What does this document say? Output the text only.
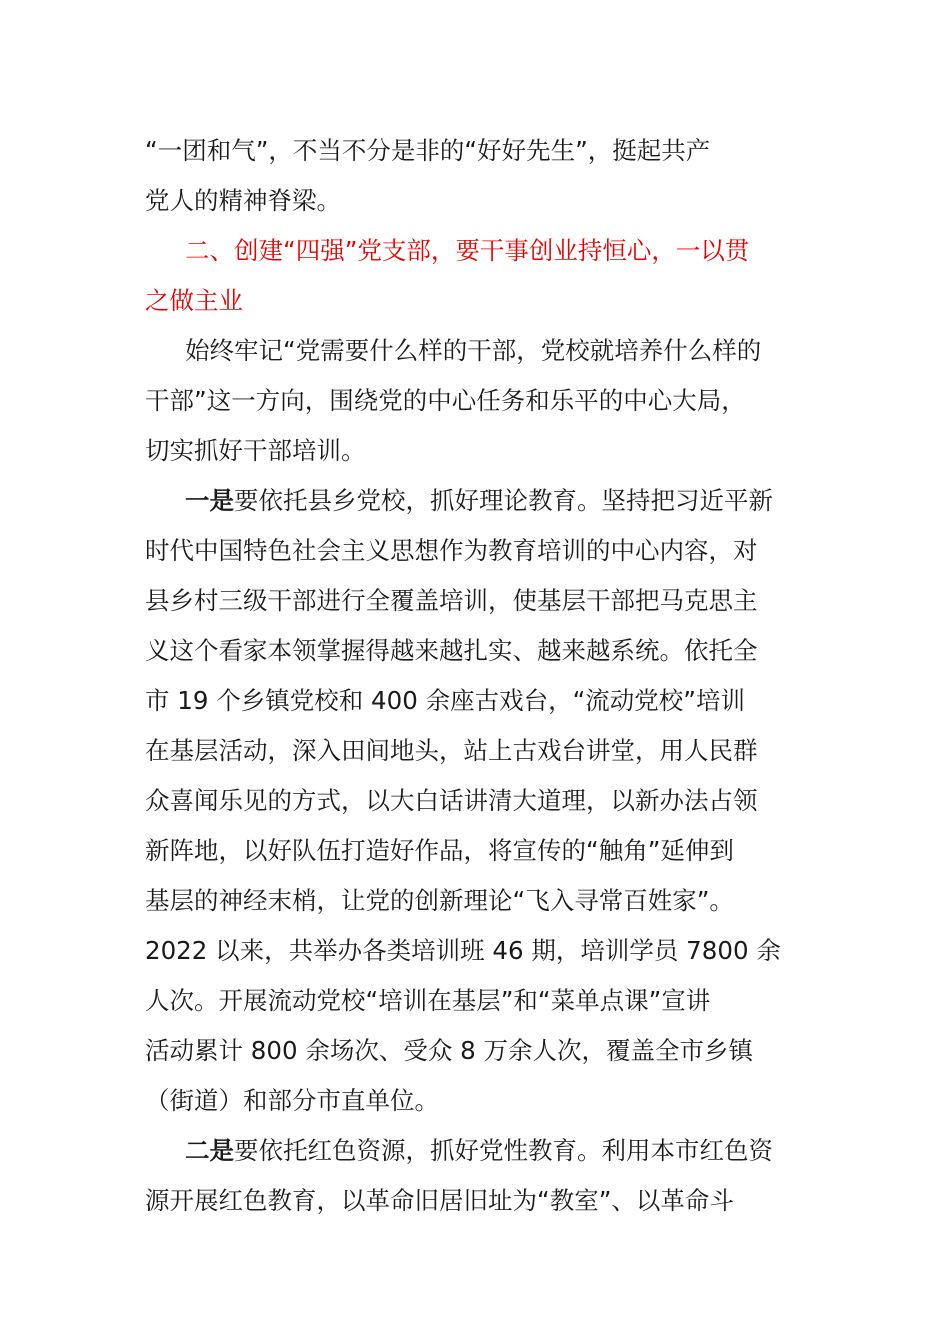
“一团和气”，不当不分是非的“好好先生”，挺起共产
党人的精神脊梁。
二、创建“四强”党支部，要干事创业持恒心，一以贯
之做主业
始终牢记“党需要什么样的干部，党校就培养什么样的
干部”这一方向，围绕党的中心任务和乐平的中心大局，
切实抓好干部培训。
一是要依托县乡党校，抓好理论教育。坚持把习近平新
时代中国特色社会主义思想作为教育培训的中心内容，对
县乡村三级干部进行全覆盖培训，使基层干部把马克思主
义这个看家本领掌握得越来越扎实、越来越系统。依托全
市 19 个乡镇党校和 400 余座古戏台，“流动党校”培训
在基层活动，深入田间地头，站上古戏台讲堂，用人民群
众喜闻乐见的方式，以大白话讲清大道理，以新办法占领
新阵地，以好队伍打造好作品，将宣传的“触角”延伸到
基层的神经末梢，让党的创新理论“飞入寻常百姓家”。
2022 以来，共举办各类培训班 46 期，培训学员 7800 余
人次。开展流动党校“培训在基层”和“菜单点课”宣讲
活动累计 800 余场次、受众 8 万余人次，覆盖全市乡镇
（街道）和部分市直单位。
二是要依托红色资源，抓好党性教育。利用本市红色资
源开展红色教育，以革命旧居旧址为“教室”、以革命斗
